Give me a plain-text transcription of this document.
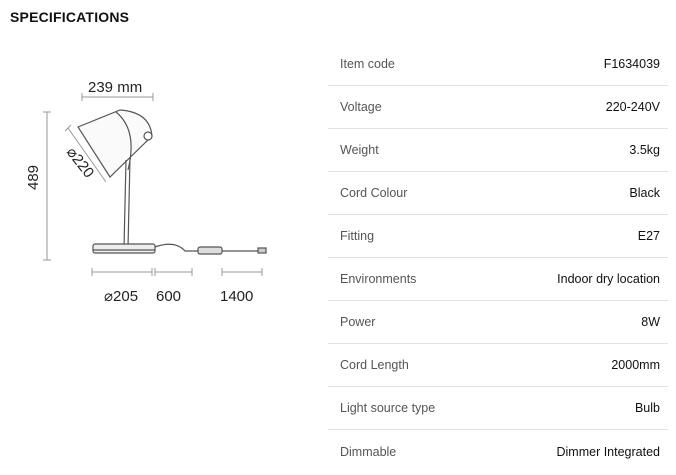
SPECIFICATIONS
239 mm
489 ⌀220
⌀205 600	1400
Item code	F1634039
Voltage	220-240V
Weight	3.5kg
Cord Colour	Black
Fitting	E27
Environments	Indoor dry location
Power	8W
Cord Length	2000mm
Light source type	Bulb
Dimmable	Dimmer Integrated
